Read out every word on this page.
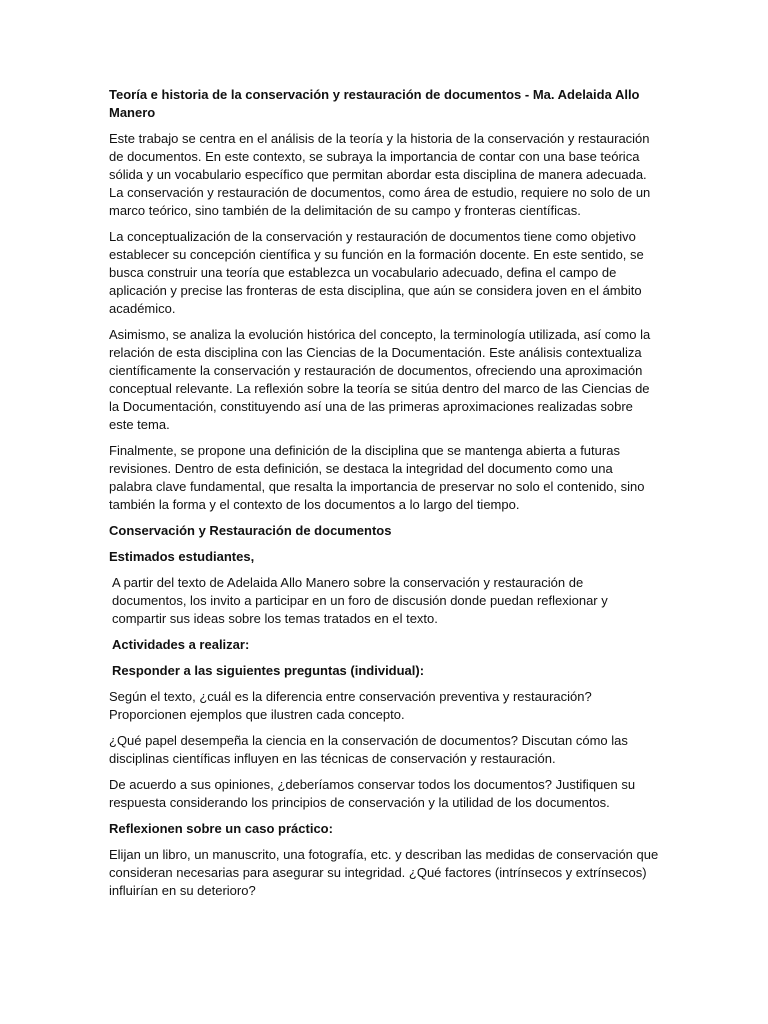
Teoría e historia de la conservación y restauración de documentos - Ma. Adelaida Allo Manero

Este trabajo se centra en el análisis de la teoría y la historia de la conservación y restauración de documentos. En este contexto, se subraya la importancia de contar con una base teórica sólida y un vocabulario específico que permitan abordar esta disciplina de manera adecuada. La conservación y restauración de documentos, como área de estudio, requiere no solo de un marco teórico, sino también de la delimitación de su campo y fronteras científicas.

La conceptualización de la conservación y restauración de documentos tiene como objetivo establecer su concepción científica y su función en la formación docente. En este sentido, se busca construir una teoría que establezca un vocabulario adecuado, defina el campo de aplicación y precise las fronteras de esta disciplina, que aún se considera joven en el ámbito académico.

Asimismo, se analiza la evolución histórica del concepto, la terminología utilizada, así como la relación de esta disciplina con las Ciencias de la Documentación. Este análisis contextualiza científicamente la conservación y restauración de documentos, ofreciendo una aproximación conceptual relevante. La reflexión sobre la teoría se sitúa dentro del marco de las Ciencias de la Documentación, constituyendo así una de las primeras aproximaciones realizadas sobre este tema.

Finalmente, se propone una definición de la disciplina que se mantenga abierta a futuras revisiones. Dentro de esta definición, se destaca la integridad del documento como una palabra clave fundamental, que resalta la importancia de preservar no solo el contenido, sino también la forma y el contexto de los documentos a lo largo del tiempo.

Conservación y Restauración de documentos

Estimados estudiantes,

A partir del texto de Adelaida Allo Manero sobre la conservación y restauración de documentos, los invito a participar en un foro de discusión donde puedan reflexionar y compartir sus ideas sobre los temas tratados en el texto.

Actividades a realizar:

Responder a las siguientes preguntas (individual):

Según el texto, ¿cuál es la diferencia entre conservación preventiva y restauración? Proporcionen ejemplos que ilustren cada concepto.

¿Qué papel desempeña la ciencia en la conservación de documentos? Discutan cómo las disciplinas científicas influyen en las técnicas de conservación y restauración.

De acuerdo a sus opiniones, ¿deberíamos conservar todos los documentos? Justifiquen su respuesta considerando los principios de conservación y la utilidad de los documentos.

Reflexionen sobre un caso práctico:

Elijan un libro, un manuscrito, una fotografía, etc. y describan las medidas de conservación que consideran necesarias para asegurar su integridad. ¿Qué factores (intrínsecos y extrínsecos) influirían en su deterioro?
